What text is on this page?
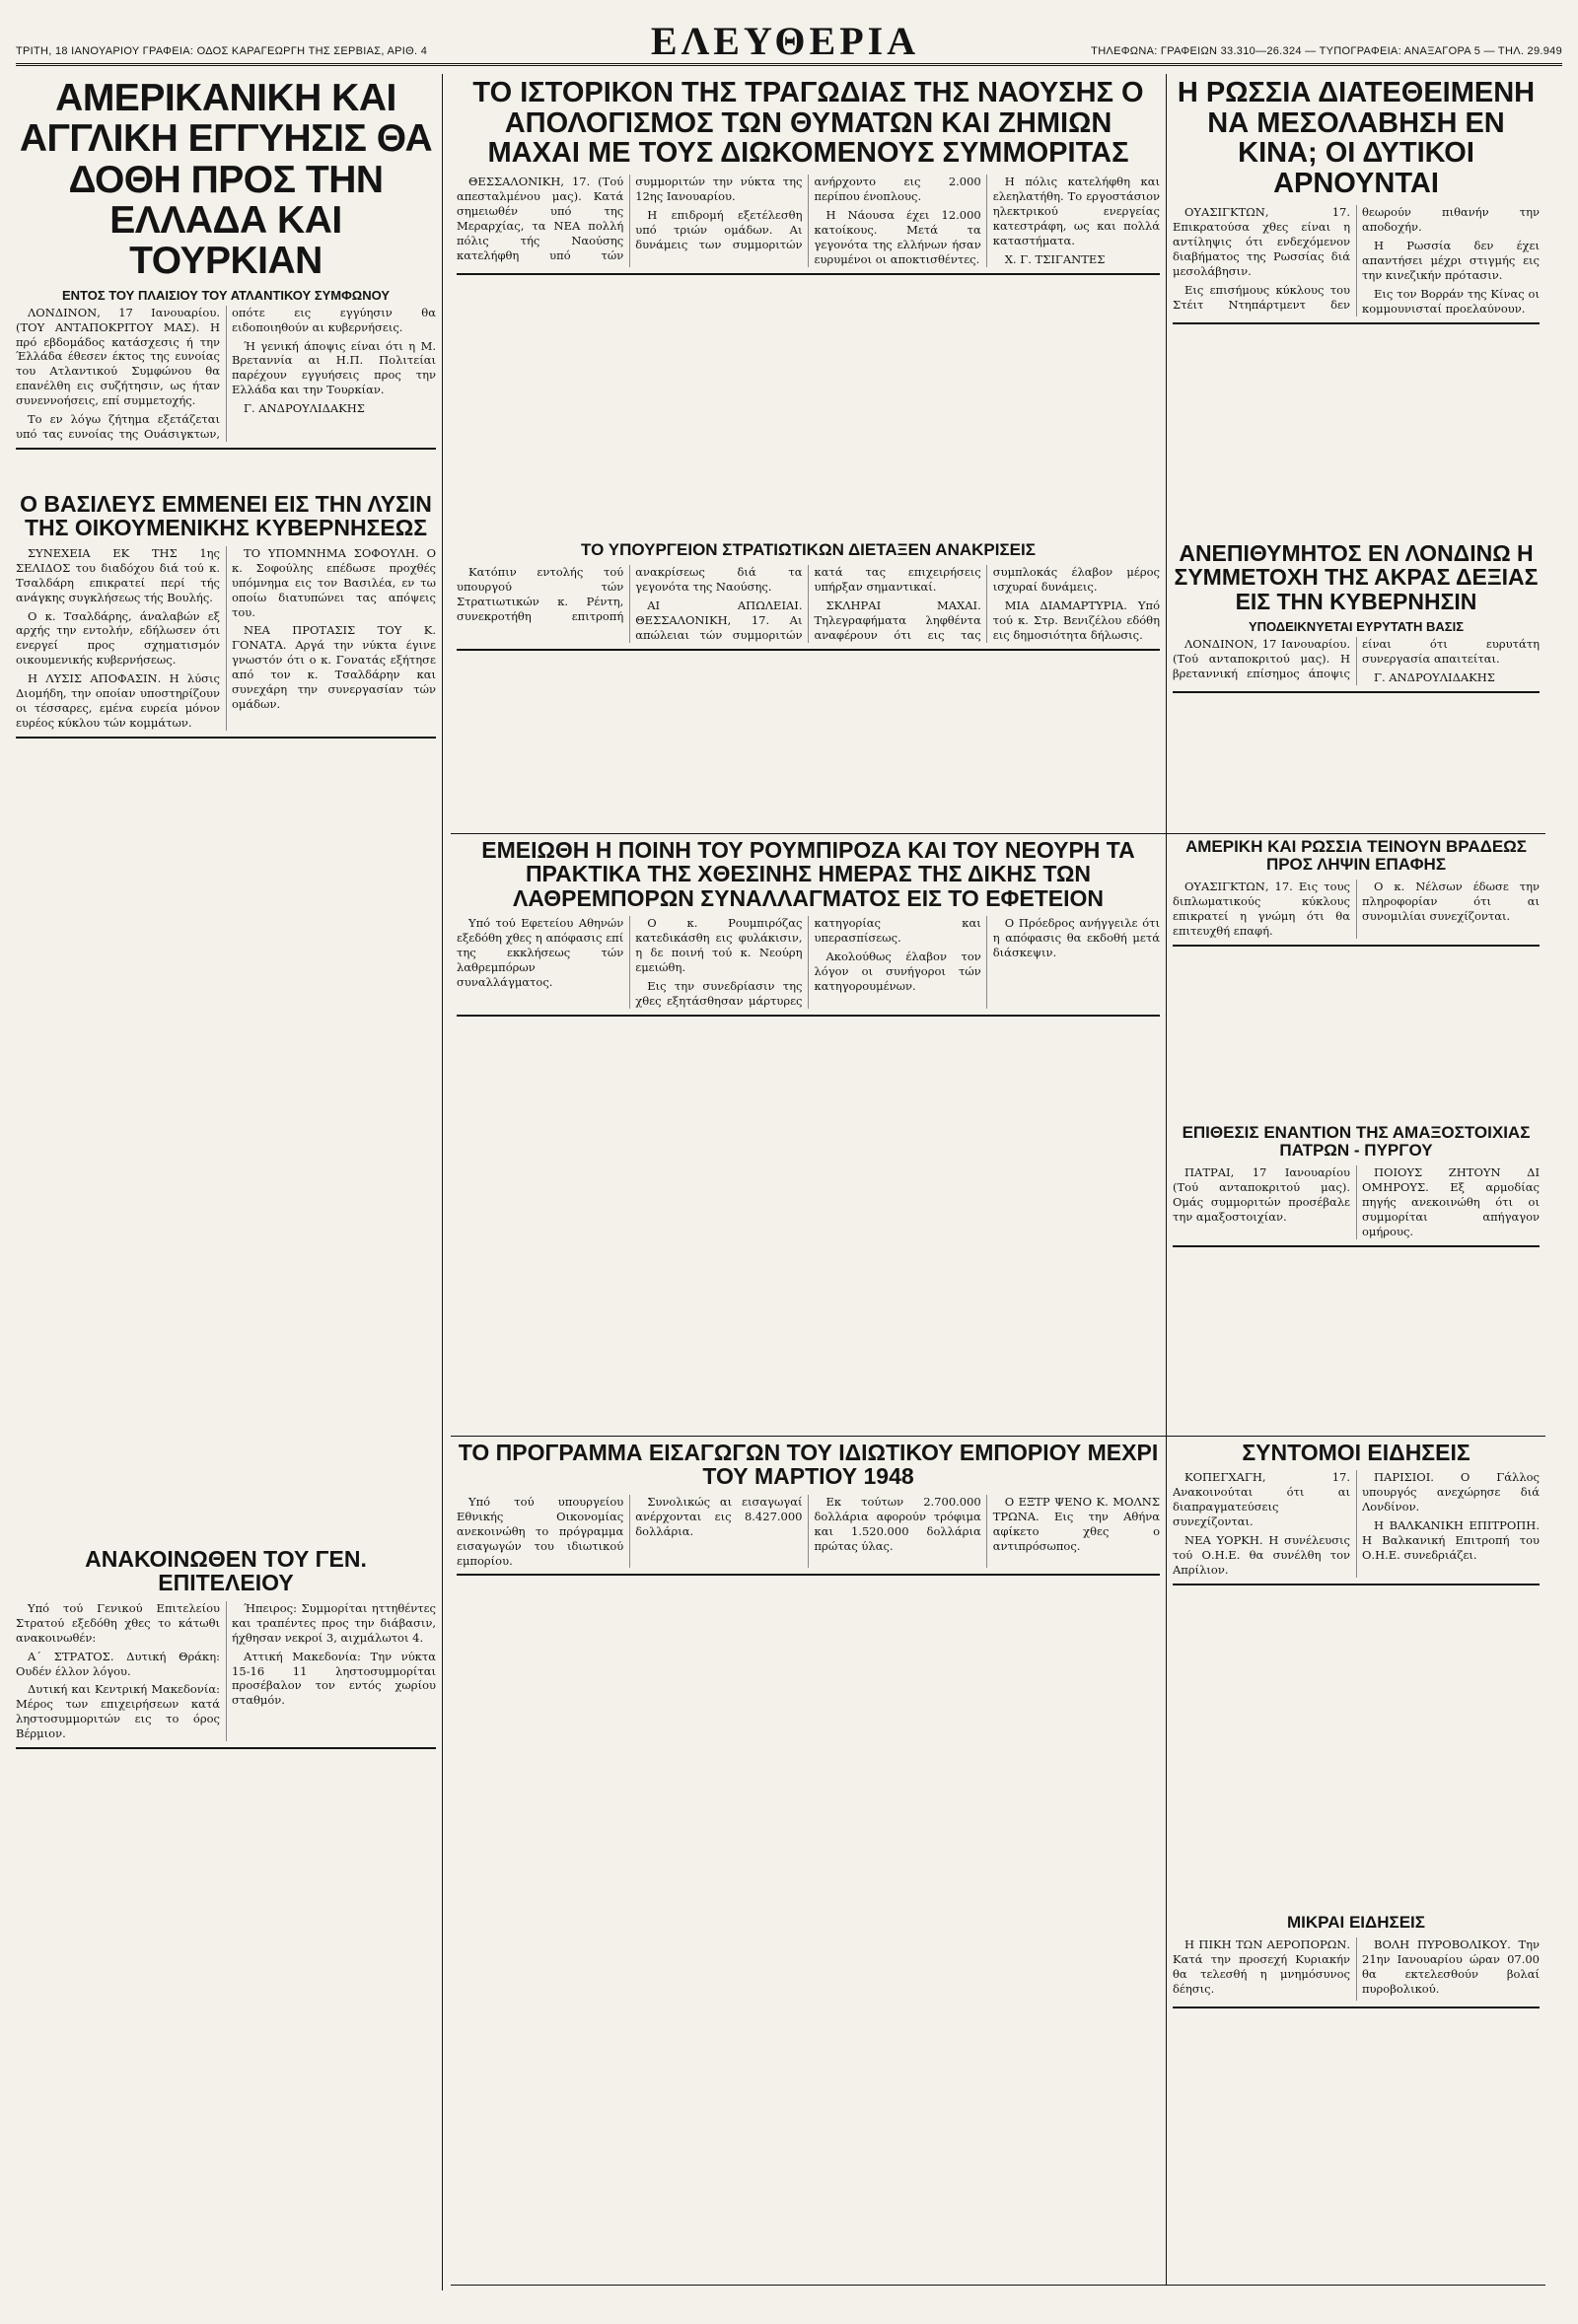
ΤΡΙΤΗ, 18 ΙΑΝΟΥΑΡΙΟΥ ΓΡΑΦΕΙΑ: ΟΔΟΣ ΚΑΡΑΓΕΩΡΓΗ ΤΗΣ ΣΕΡΒΙΑΣ, ΑΡΙΘ. 4	ΕΛΕΥΘΕΡΙΑ	ΤΗΛΕΦΩΝΑ: ΓΡΑΦΕΙΩΝ 33.310—26.324 — ΤΥΠΟΓΡΑΦΕΙΑ: ΑΝΑΞΑΓΟΡΑ 5 — ΤΗΛ. 29.949
ΑΜΕΡΙΚΑΝΙΚΗ ΚΑΙ ΑΓΓΛΙΚΗ ΕΓΓΥΗΣΙΣ ΘΑ ΔΟΘΗ ΠΡΟΣ ΤΗΝ ΕΛΛΑΔΑ ΚΑΙ ΤΟΥΡΚΙΑΝ
ΕΝΤΟΣ ΤΟΥ ΠΛΑΙΣΙΟΥ ΤΟΥ ΑΤΛΑΝΤΙΚΟΥ ΣΥΜΦΩΝΟΥ

ΛΟΝΔΙΝΟΝ, 17 Ιανουαρίου. (ΤΟΥ ΑΝΤΑΠΟΚΡΙΤΟΥ ΜΑΣ). Η πρό εβδομάδος κατάσχεσις ή την Έλλάδα έθεσεν έκτος της ευνοίας του Ατλαντικού Συμφώνου θα επανέλθη εις συζήτησιν, ως ήταν συνεννοήσεις, επί συμμετοχής.

Το εν λόγω ζήτημα εξετάζεται υπό τας ευνοίας της Ουάσιγκτων, οπότε εις εγγύησιν θα ειδοποιηθούν αι κυβερνήσεις.

Ή γενική άποψις είναι ότι η Μ. Βρεταννία αι Η.Π. Πολιτείαι παρέχουν εγγυήσεις προς την Ελλάδα και την Τουρκίαν.

Γ. ΑΝΔΡΟΥΛΙΔΑΚΗΣ

Ο ΒΑΣΙΛΕΥΣ ΕΜΜΕΝΕΙ ΕΙΣ ΤΗΝ ΛΥΣΙΝ ΤΗΣ ΟΙΚΟΥΜΕΝΙΚΗΣ ΚΥΒΕΡΝΗΣΕΩΣ

ΣΥΝΕΧΕΙΑ ΕΚ ΤΗΣ 1ης ΣΕΛΙΔΟΣ του διαδόχου διά τού κ. Τσαλδάρη επικρατεί περί τής ανάγκης συγκλήσεως τής Βουλής.

Ο κ. Τσαλδάρης, άναλαβών εξ αρχής την εντολήν, εδήλωσεν ότι ενεργεί προς σχηματισμόν οικουμενικής κυβερνήσεως.

Η ΛΥΣΙΣ ΑΠΟΦΑΣΙΝ. Η λύσις Διομήδη, την οποίαν υποστηρίζουν οι τέσσαρες, εμένα ευρεία μόνον ευρέος κύκλου τών κομμάτων.

ΤΟ ΥΠΟΜΝΗΜΑ ΣΟΦΟΥΛΗ. Ο κ. Σοφούλης επέδωσε προχθές υπόμνημα εις τον Βασιλέα, εν τω οποίω διατυπώνει τας απόψεις του.

ΝΕΑ ΠΡΟΤΑΣΙΣ ΤΟΥ Κ. ΓΟΝΑΤΑ. Αργά την νύκτα έγινε γνωστόν ότι ο κ. Γονατάς εξήτησε από τον κ. Τσαλδάρην και συνεχάρη την συνεργασίαν τών ομάδων.

ΑΝΑΚΟΙΝΩΘΕΝ ΤΟΥ ΓΕΝ. ΕΠΙΤΕΛΕΙΟΥ

Υπό τού Γενικού Επιτελείου Στρατού εξεδόθη χθες το κάτωθι ανακοινωθέν:

Α΄ ΣΤΡΑΤΟΣ. Δυτική Θράκη: Ουδέν έλλον λόγου.

Δυτική και Κεντρική Μακεδονία: Μέρος των επιχειρήσεων κατά ληστοσυμμοριτών εις το όρος Βέρμιον.

Ήπειρος: Συμμορίται ηττηθέντες και τραπέντες προς την διάβασιν, ήχθησαν νεκροί 3, αιχμάλωτοι 4.

Αττική Μακεδονία: Την νύκτα 15-16 11 ληστοσυμμορίται προσέβαλον τον εντός χωρίου σταθμόν.

ΤΟ ΙΣΤΟΡΙΚΟΝ ΤΗΣ ΤΡΑΓΩΔΙΑΣ ΤΗΣ ΝΑΟΥΣΗΣ Ο ΑΠΟΛΟΓΙΣΜΟΣ ΤΩΝ ΘΥΜΑΤΩΝ ΚΑΙ ΖΗΜΙΩΝ ΜΑΧΑΙ ΜΕ ΤΟΥΣ ΔΙΩΚΟΜΕΝΟΥΣ ΣΥΜΜΟΡΙΤΑΣ

ΘΕΣΣΑΛΟΝΙΚΗ, 17. (Τού απεσταλμένου μας). Κατά σημειωθέν υπό της Μεραρχίας, τα ΝΕΑ πολλή πόλις τής Ναούσης κατελήφθη υπό τών συμμοριτών την νύκτα της 12ης Ιανουαρίου.

Η επιδρομή εξετέλεσθη υπό τριών ομάδων. Αι δυνάμεις των συμμοριτών ανήρχοντο εις 2.000 περίπου ένοπλους.

Η Νάουσα έχει 12.000 κατοίκους. Μετά τα γεγονότα της ελλήνων ήσαν ευρυμένοι οι αποκτισθέντες.

Η πόλις κατελήφθη και ελεηλατήθη. Το εργοστάσιον ηλεκτρικού ενεργείας κατεστράφη, ως και πολλά καταστήματα.

Χ. Γ. ΤΣΙΓΑΝΤΕΣ

ΤΟ ΥΠΟΥΡΓΕΙΟΝ ΣΤΡΑΤΙΩΤΙΚΩΝ ΔΙΕΤΑΞΕΝ ΑΝΑΚΡΙΣΕΙΣ

Κατόπιν εντολής τού υπουργού τών Στρατιωτικών κ. Ρέντη, συνεκροτήθη επιτροπή ανακρίσεως διά τα γεγονότα της Ναούσης.

ΑΙ ΑΠΩΛΕΙΑΙ. ΘΕΣΣΑΛΟΝΙΚΗ, 17. Αι απώλειαι τών συμμοριτών κατά τας επιχειρήσεις υπήρξαν σημαντικαί.

ΣΚΛΗΡΑΙ ΜΑΧΑΙ. Τηλεγραφήματα ληφθέντα αναφέρουν ότι εις τας συμπλοκάς έλαβον μέρος ισχυραί δυνάμεις.

ΜΙΑ ΔΙΑΜΑΡΤΥΡΙΑ. Υπό τού κ. Στρ. Βενιζέλου εδόθη εις δημοσιότητα δήλωσις.

Η ΡΩΣΣΙΑ ΔΙΑΤΕΘΕΙΜΕΝΗ ΝΑ ΜΕΣΟΛΑΒΗΣΗ ΕΝ ΚΙΝΑ; ΟΙ ΔΥΤΙΚΟΙ ΑΡΝΟΥΝΤΑΙ

ΟΥΑΣΙΓΚΤΩΝ, 17. Επικρατούσα χθες είναι η αντίληψις ότι ενδεχόμενον διαβήματος της Ρωσσίας διά μεσολάβησιν.

Εις επισήμους κύκλους του Στέιτ Ντηπάρτμεντ δεν θεωρούν πιθανήν την αποδοχήν.

Η Ρωσσία δεν έχει απαντήσει μέχρι στιγμής εις την κινεζικήν πρότασιν.

Εις τον Βορράν της Κίνας οι κομμουνισταί προελαύνουν.

ΑΝΕΠΙΘΥΜΗΤΟΣ ΕΝ ΛΟΝΔΙΝΩ Η ΣΥΜΜΕΤΟΧΗ ΤΗΣ ΑΚΡΑΣ ΔΕΞΙΑΣ ΕΙΣ ΤΗΝ ΚΥΒΕΡΝΗΣΙΝ
ΥΠΟΔΕΙΚΝΥΕΤΑΙ ΕΥΡΥΤΑΤΗ ΒΑΣΙΣ

ΛΟΝΔΙΝΟΝ, 17 Ιανουαρίου. (Τού ανταποκριτού μας). Η βρεταννική επίσημος άποψις είναι ότι ευρυτάτη συνεργασία απαιτείται.

Γ. ΑΝΔΡΟΥΛΙΔΑΚΗΣ

ΕΜΕΙΩΘΗ Η ΠΟΙΝΗ ΤΟΥ ΡΟΥΜΠΙΡΟΖΑ ΚΑΙ ΤΟΥ ΝΕΟΥΡΗ ΤΑ ΠΡΑΚΤΙΚΑ ΤΗΣ ΧΘΕΣΙΝΗΣ ΗΜΕΡΑΣ ΤΗΣ ΔΙΚΗΣ ΤΩΝ ΛΑΘΡΕΜΠΟΡΩΝ ΣΥΝΑΛΛΑΓΜΑΤΟΣ ΕΙΣ ΤΟ ΕΦΕΤΕΙΟΝ

Υπό τού Εφετείου Αθηνών εξεδόθη χθες η απόφασις επί της εκκλήσεως τών λαθρεμπόρων συναλλάγματος.

Ο κ. Ρουμπιρόζας κατεδικάσθη εις φυλάκισιν, η δε ποινή τού κ. Νεούρη εμειώθη.

Εις την συνεδρίασιν της χθες εξητάσθησαν μάρτυρες κατηγορίας και υπερασπίσεως.

Ακολούθως έλαβον τον λόγον οι συνήγοροι τών κατηγορουμένων.

Ο Πρόεδρος ανήγγειλε ότι η απόφασις θα εκδοθή μετά διάσκεψιν.

ΑΜΕΡΙΚΗ ΚΑΙ ΡΩΣΣΙΑ ΤΕΙΝΟΥΝ ΒΡΑΔΕΩΣ ΠΡΟΣ ΛΗΨΙΝ ΕΠΑΦΗΣ

ΟΥΑΣΙΓΚΤΩΝ, 17. Εις τους διπλωματικούς κύκλους επικρατεί η γνώμη ότι θα επιτευχθή επαφή.

Ο κ. Νέλσων έδωσε την πληροφορίαν ότι αι συνομιλίαι συνεχίζονται.

ΕΠΙΘΕΣΙΣ ΕΝΑΝΤΙΟΝ ΤΗΣ ΑΜΑΞΟΣΤΟΙΧΙΑΣ ΠΑΤΡΩΝ - ΠΥΡΓΟΥ

ΠΑΤΡΑΙ, 17 Ιανουαρίου (Τού ανταποκριτού μας). Ομάς συμμοριτών προσέβαλε την αμαξοστοιχίαν.

ΠΟΙΟΥΣ ΖΗΤΟΥΝ ΔΙ ΟΜΗΡΟΥΣ. Εξ αρμοδίας πηγής ανεκοινώθη ότι οι συμμορίται απήγαγον ομήρους.

ΤΟ ΠΡΟΓΡΑΜΜΑ ΕΙΣΑΓΩΓΩΝ ΤΟΥ ΙΔΙΩΤΙΚΟΥ ΕΜΠΟΡΙΟΥ ΜΕΧΡΙ ΤΟΥ ΜΑΡΤΙΟΥ 1948

Υπό τού υπουργείου Εθνικής Οικονομίας ανεκοινώθη το πρόγραμμα εισαγωγών του ιδιωτικού εμπορίου.

Συνολικώς αι εισαγωγαί ανέρχονται εις 8.427.000 δολλάρια.

Εκ τούτων 2.700.000 δολλάρια αφορούν τρόφιμα και 1.520.000 δολλάρια πρώτας ύλας.

Ο ΕΞΤΡ ΨΕΝΟ Κ. ΜΟΛΝΣ ΤΡΩΝΑ. Εις την Αθήνα αφίκετο χθες ο αντιπρόσωπος.

ΣΥΝΤΟΜΟΙ ΕΙΔΗΣΕΙΣ

ΚΟΠΕΓΧΑΓΗ, 17. Ανακοινούται ότι αι διαπραγματεύσεις συνεχίζονται.

ΝΕΑ ΥΟΡΚΗ. Η συνέλευσις τού Ο.Η.Ε. θα συνέλθη τον Απρίλιον.

ΠΑΡΙΣΙΟΙ. Ο Γάλλος υπουργός ανεχώρησε διά Λονδίνον.

Η ΒΑΛΚΑΝΙΚΗ ΕΠΙΤΡΟΠΗ. Η Βαλκανική Επιτροπή του Ο.Η.Ε. συνεδριάζει.

ΜΙΚΡΑΙ ΕΙΔΗΣΕΙΣ

Η ΠΙΚΗ ΤΩΝ ΑΕΡΟΠΟΡΩΝ. Κατά την προσεχή Κυριακήν θα τελεσθή η μνημόσυνος δέησις.

ΒΟΛΗ ΠΥΡΟΒΟΛΙΚΟΥ. Την 21ην Ιανουαρίου ώραν 07.00 θα εκτελεσθούν βολαί πυροβολικού.
